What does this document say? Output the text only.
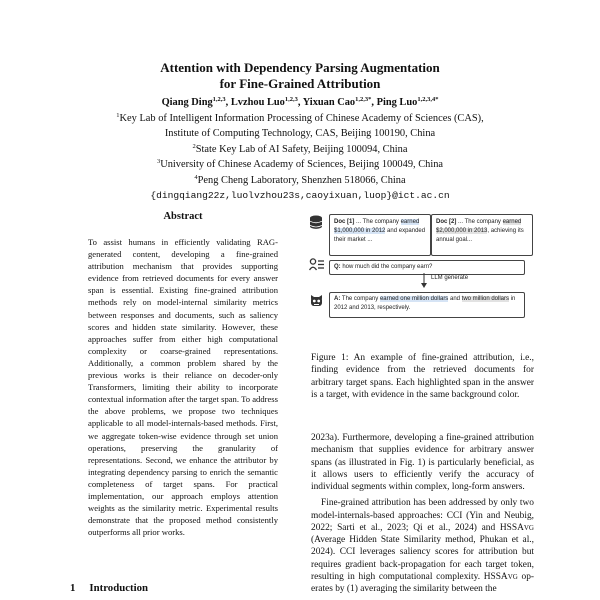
Attention with Dependency Parsing Augmentation
for Fine-Grained Attribution
Qiang Ding$^{1,2,3}$, Lvzhou Luo$^{1,2,3}$, Yixuan Cao$^{1,2,3*}$, Ping Luo$^{1,2,3,4*}$
$^1$Key Lab of Intelligent Information Processing of Chinese Academy of Sciences (CAS),
Institute of Computing Technology, CAS, Beijing 100190, China
$^2$State Key Lab of AI Safety, Beijing 100094, China
$^3$University of Chinese Academy of Sciences, Beijing 100049, China
$^4$Peng Cheng Laboratory, Shenzhen 518066, China
{dingqiang22z,luolvzhou23s,caoyixuan,luop}@ict.ac.cn
Abstract
To assist humans in efficiently validating RAG-generated content, developing a fine-grained attribution mechanism that provides supporting evidence from retrieved documents for every answer span is essential. Existing fine-grained attribution methods rely on model-internal similarity metrics between responses and documents, such as saliency scores and hidden state similarity. However, these approaches suffer from either high computational complexity or coarse-grained representations. Additionally, a common problem shared by the previous works is their reliance on decoder-only Transformers, limiting their ability to incorporate contextual information after the target span. To address the above problems, we propose two techniques applicable to all model-internals-based methods. First, we aggregate token-wise evidence through set union operations, preserving the granularity of representations. Second, we enhance the attributor by integrating dependency parsing to enrich the semantic completeness of target spans. For practical implementation, our approach employs attention weights as the similarity metric. Experimental results demonstrate that the proposed method consistently outperforms all prior works.
1 Introduction
Doc [1] ... The company earned $1,000,000 in 2012 and expanded their market ...
Doc [2] ... The company earned $2,000,000 in 2013, achieving its annual goal...
Q: how much did the company earn?
LLM generate
A: The company earned one million dollars and two million dollars in 2012 and 2013, respectively.
Figure 1: An example of fine-grained attribution, i.e., finding evidence from the retrieved documents for arbitrary target spans. Each highlighted span in the answer is a target, with evidence in the same background color.

2023a). Furthermore, developing a fine-grained attribution mechanism that supplies evidence for arbitrary answer spans (as illustrated in Fig. 1) is particularly beneficial, as it allows users to efficiently verify the accuracy of individual segments within complex, long-form answers.

Fine-grained attribution has been addressed by only two model-internals-based approaches: CCI (Yin and Neubig, 2022; Sarti et al., 2023; Qi et al., 2024) and HSSAvg (Average Hidden State Similarity method, Phukan et al., 2024). CCI leverages saliency scores for attribution but requires gradient back-propagation for each target token, resulting in high computational complexity. HSSAvg op-erates by (1) averaging the similarity between the
